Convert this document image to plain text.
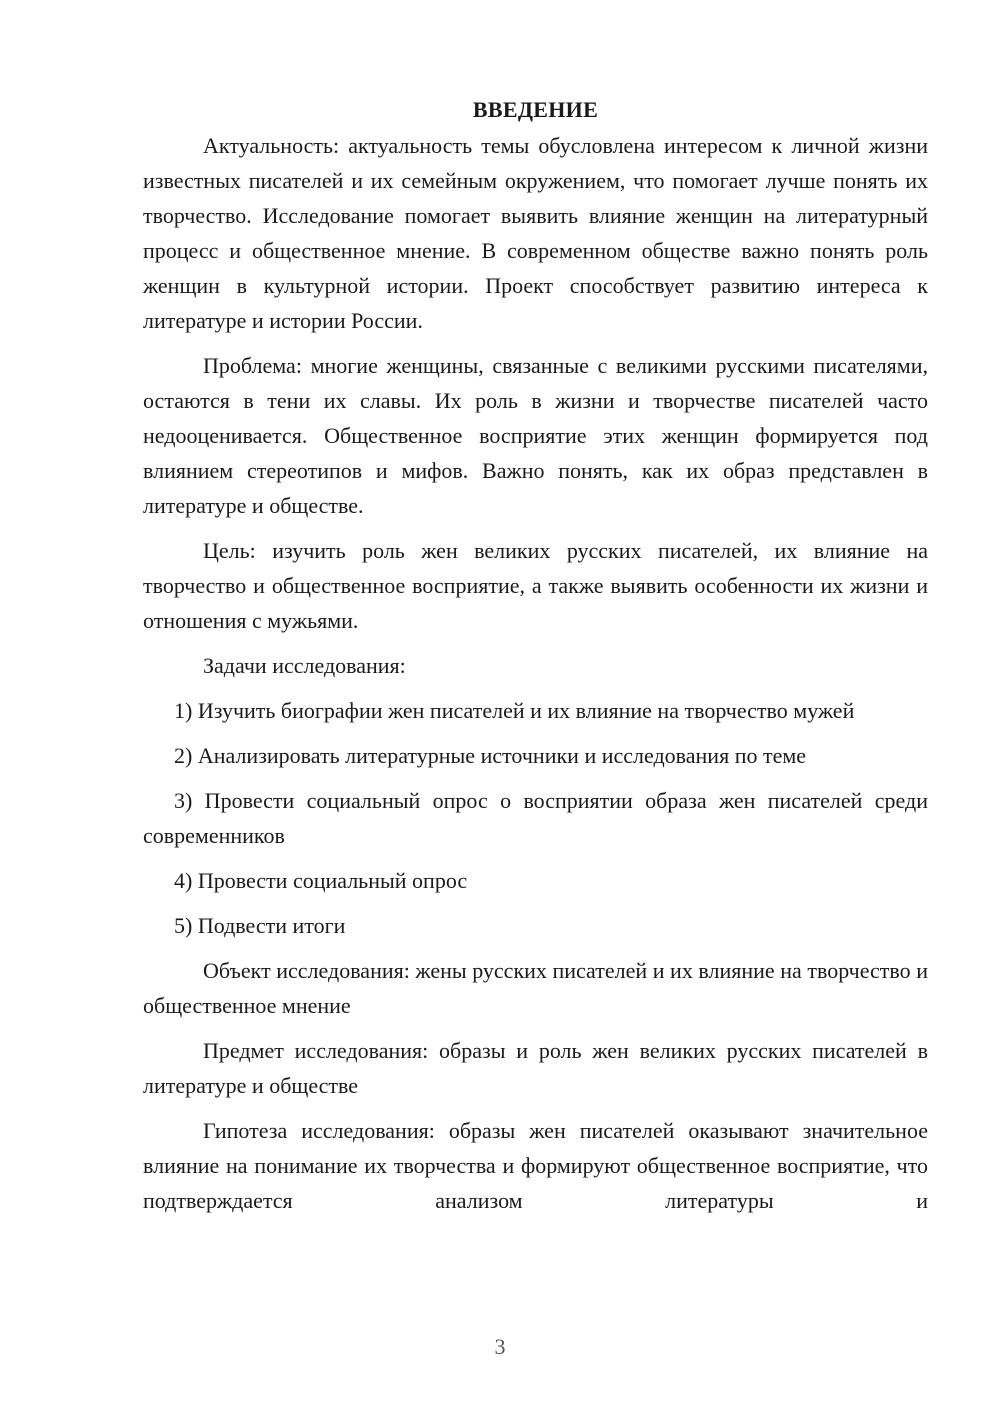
ВВЕДЕНИЕ

Актуальность: актуальность темы обусловлена интересом к личной жизни известных писателей и их семейным окружением, что помогает лучше понять их творчество. Исследование помогает выявить влияние женщин на литературный процесс и общественное мнение. В современном обществе важно понять роль женщин в культурной истории. Проект способствует развитию интереса к литературе и истории России.

Проблема: многие женщины, связанные с великими русскими писателями, остаются в тени их славы. Их роль в жизни и творчестве писателей часто недооценивается. Общественное восприятие этих женщин формируется под влиянием стереотипов и мифов. Важно понять, как их образ представлен в литературе и обществе.

Цель: изучить роль жен великих русских писателей, их влияние на творчество и общественное восприятие, а также выявить особенности их жизни и отношения с мужьями.

Задачи исследования:

1) Изучить биографии жен писателей и их влияние на творчество мужей

2) Анализировать литературные источники и исследования по теме

3) Провести социальный опрос о восприятии образа жен писателей среди современников

4) Провести социальный опрос

5) Подвести итоги

Объект исследования: жены русских писателей и их влияние на творчество и общественное мнение

Предмет исследования: образы и роль жен великих русских писателей в литературе и обществе

Гипотеза исследования: образы жен писателей оказывают значительное влияние на понимание их творчества и формируют общественное восприятие, что подтверждается анализом литературы и

3
